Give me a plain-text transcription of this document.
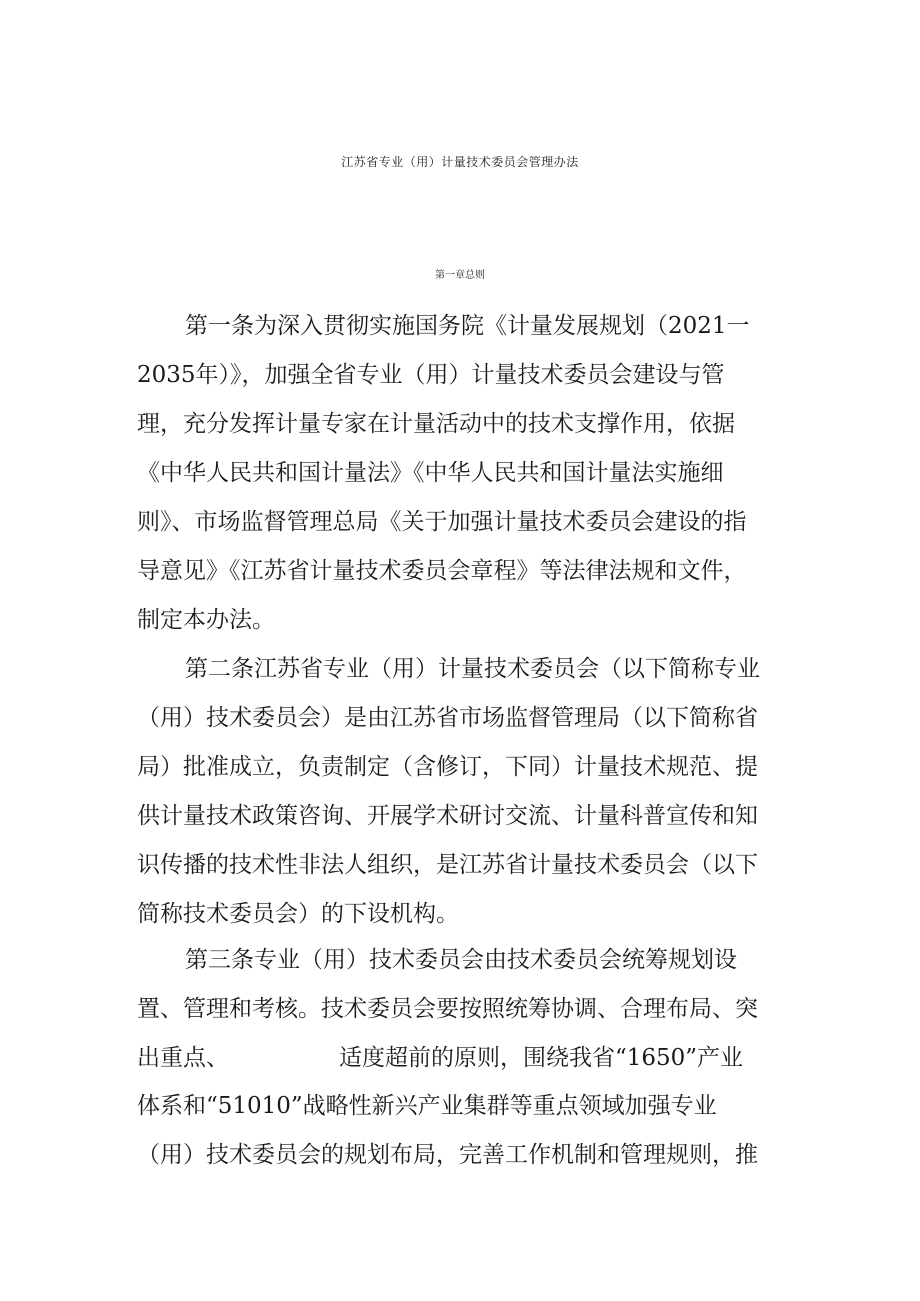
江苏省专业（用）计量技术委员会管理办法
第一章总则
第一条为深入贯彻实施国务院《计量发展规划（2021一
2035年）》，加强全省专业（用）计量技术委员会建设与管
理，充分发挥计量专家在计量活动中的技术支撑作用，依据
《中华人民共和国计量法》《中华人民共和国计量法实施细
则》、市场监督管理总局《关于加强计量技术委员会建设的指
导意见》《江苏省计量技术委员会章程》等法律法规和文件，
制定本办法。
第二条江苏省专业（用）计量技术委员会（以下简称专业
（用）技术委员会）是由江苏省市场监督管理局（以下简称省
局）批准成立，负责制定（含修订，下同）计量技术规范、提
供计量技术政策咨询、开展学术研讨交流、计量科普宣传和知
识传播的技术性非法人组织，是江苏省计量技术委员会（以下
简称技术委员会）的下设机构。
第三条专业（用）技术委员会由技术委员会统筹规划设
置、管理和考核。技术委员会要按照统筹协调、合理布局、突
出重点、	适度超前的原则，围绕我省“1650”产业
体系和“51010”战略性新兴产业集群等重点领域加强专业
（用）技术委员会的规划布局，完善工作机制和管理规则，推
